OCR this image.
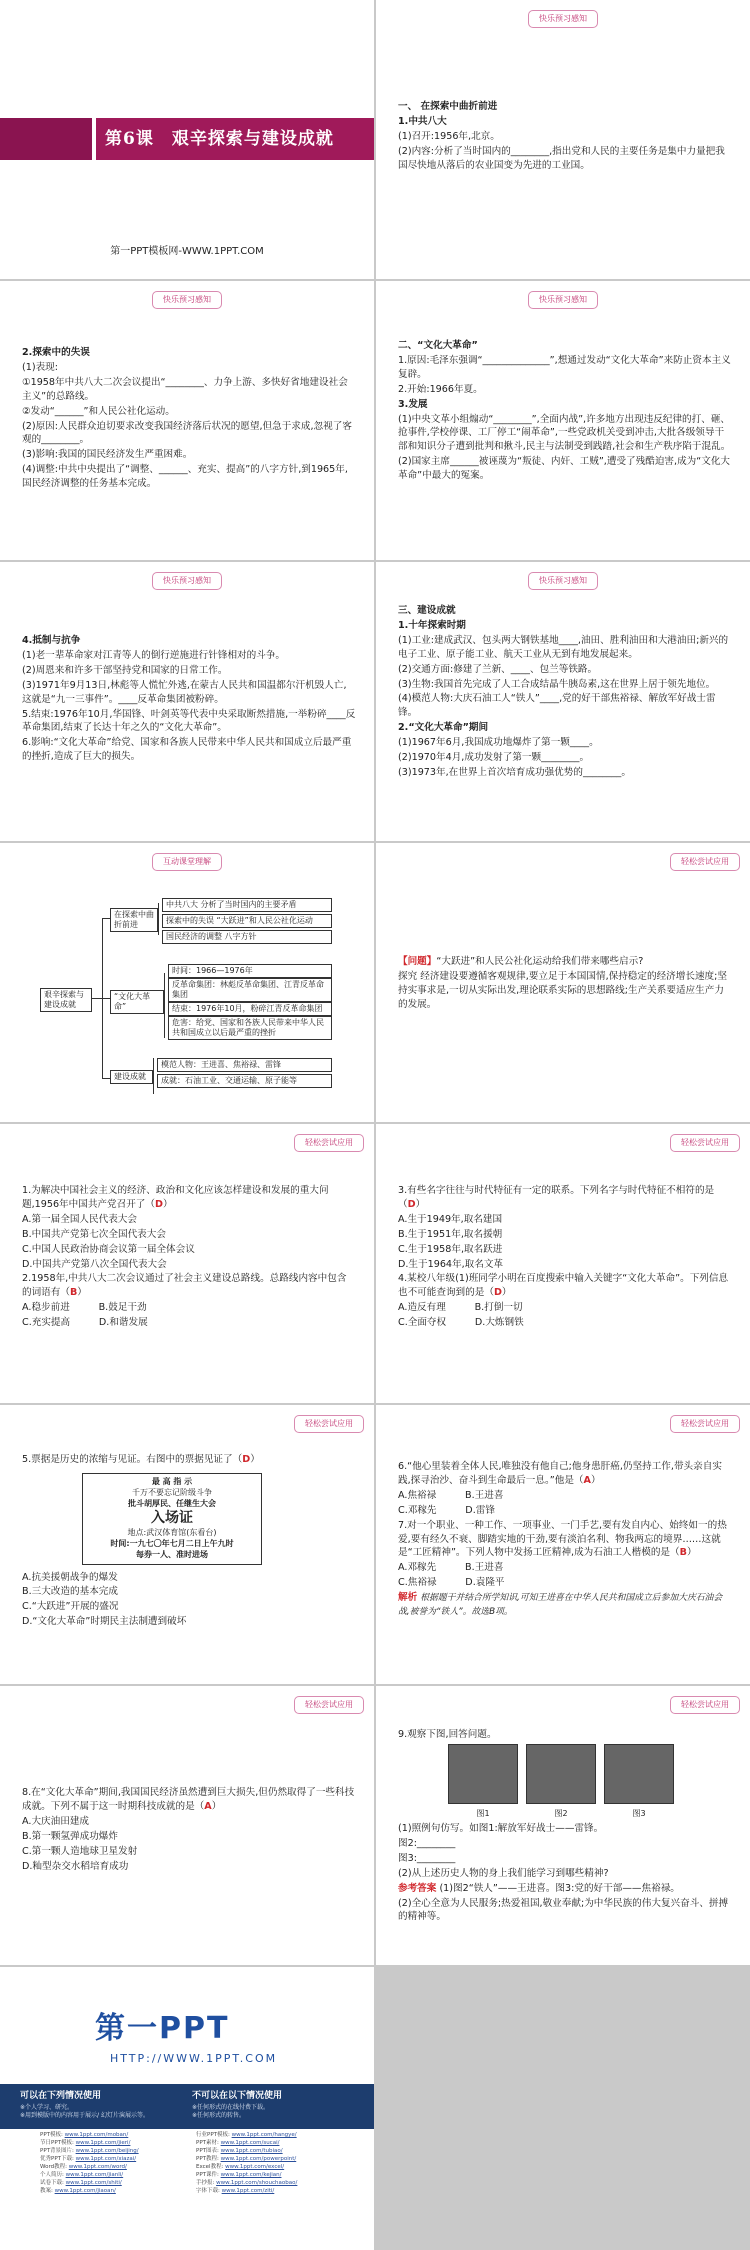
第6课　艰辛探索与建设成就
第一PPT模板网-WWW.1PPT.COM
快乐预习感知

一、 在探索中曲折前进

1.中共八大

(1)召开:1956年,北京。

(2)内容:分析了当时国内的________,指出党和人民的主要任务是集中力量把我国尽快地从落后的农业国变为先进的工业国。

快乐预习感知

2.探索中的失误

(1)表现:

①1958年中共八大二次会议提出“________、力争上游、多快好省地建设社会主义”的总路线。

②发动“______”和人民公社化运动。

(2)原因:人民群众迫切要求改变我国经济落后状况的愿望,但急于求成,忽视了客观的________。

(3)影响:我国的国民经济发生严重困难。

(4)调整:中共中央提出了“调整、______、充实、提高”的八字方针,到1965年,国民经济调整的任务基本完成。

快乐预习感知

二、“文化大革命”

1.原因:毛泽东强调“______________”,想通过发动“文化大革命”来防止资本主义复辟。

2.开始:1966年夏。

3.发展

(1)中央文革小组煽动“________”,全面内战”,许多地方出现违反纪律的打、砸、抢事件,学校停课、工厂停工“闹革命”,一些党政机关受到冲击,大批各级领导干部和知识分子遭到批判和揪斗,民主与法制受到践踏,社会和生产秩序陷于混乱。

(2)国家主席______被诬蔑为“叛徒、内奸、工贼”,遭受了残酷迫害,成为“文化大革命”中最大的冤案。

快乐预习感知

4.抵制与抗争

(1)老一辈革命家对江青等人的倒行逆施进行针锋相对的斗争。

(2)周恩来和许多干部坚持党和国家的日常工作。

(3)1971年9月13日,林彪等人慌忙外逃,在蒙古人民共和国温都尔汗机毁人亡,这就是“九一三事件”。____反革命集团被粉碎。

5.结束:1976年10月,华国锋、叶剑英等代表中央采取断然措施,一举粉碎____反革命集团,结束了长达十年之久的“文化大革命”。

6.影响:“文化大革命”给党、国家和各族人民带来中华人民共和国成立后最严重的挫折,造成了巨大的损失。

快乐预习感知

三、建设成就

1.十年探索时期

(1)工业:建成武汉、包头两大钢铁基地____,油田、胜利油田和大港油田;新兴的电子工业、原子能工业、航天工业从无到有地发展起来。

(2)交通方面:修建了兰新、____、包兰等铁路。

(3)生物:我国首先完成了人工合成结晶牛胰岛素,这在世界上居于领先地位。

(4)模范人物:大庆石油工人“铁人”____,党的好干部焦裕禄、解放军好战士雷锋。

2.“文化大革命”期间

(1)1967年6月,我国成功地爆炸了第一颗____。

(2)1970年4月,成功发射了第一颗________。

(3)1973年,在世界上首次培育成功强优势的________。

互动课堂理解
艰辛探索与建设成就
在探索中曲折前进
中共八大 分析了当时国内的主要矛盾
探索中的失误 “大跃进”和人民公社化运动
国民经济的调整 八字方针
“文化大革命”
时间：1966—1976年
反革命集团：林彪反革命集团、江青反革命集团
结束：1976年10月，粉碎江青反革命集团
危害：给党、国家和各族人民带来中华人民共和国成立以后最严重的挫折
建设成就
模范人物：王进喜、焦裕禄、雷锋
成就：石油工业、交通运输、原子能等
轻松尝试应用

【问题】“大跃进”和人民公社化运动给我们带来哪些启示?

探究 经济建设要遵循客观规律,要立足于本国国情,保持稳定的经济增长速度;坚持实事求是,一切从实际出发,理论联系实际的思想路线;生产关系要适应生产力的发展。

轻松尝试应用

1.为解决中国社会主义的经济、政治和文化应该怎样建设和发展的重大问题,1956年中国共产党召开了（D）

A.第一届全国人民代表大会

B.中国共产党第七次全国代表大会

C.中国人民政治协商会议第一届全体会议

D.中国共产党第八次全国代表大会

2.1958年,中共八大二次会议通过了社会主义建设总路线。总路线内容中包含的词语有（B）

A.稳步前进　　　B.鼓足干劲

C.充实提高　　　D.和谐发展

轻松尝试应用

3.有些名字往往与时代特征有一定的联系。下列名字与时代特征不相符的是（D）

A.生于1949年,取名建国

B.生于1951年,取名援朝

C.生于1958年,取名跃进

D.生于1964年,取名文革

4.某校八年级(1)班同学小明在百度搜索中输入关键字“文化大革命”。下列信息也不可能查询到的是（D）

A.造反有理　　　B.打倒一切

C.全面夺权　　　D.大炼钢铁

轻松尝试应用

5.票据是历史的浓缩与见证。右图中的票据见证了（D）

最 高 指 示
千万不要忘记阶级斗争
批斗胡厚民、任继生大会
入场证
地点:武汉体育馆(东看台)
时间:一九七〇年七月二日上午九时
每券一人、准时进场

A.抗美援朝战争的爆发

B.三大改造的基本完成

C.“大跃进”开展的盛况

D.“文化大革命”时期民主法制遭到破坏

轻松尝试应用

6.“他心里装着全体人民,唯独没有他自己;他身患肝癌,仍坚持工作,带头亲自实践,探寻治沙、奋斗到生命最后一息。”他是（A）

A.焦裕禄　　　B.王进喜

C.邓稼先　　　D.雷锋

7.对一个职业、一种工作、一项事业、一门手艺,要有发自内心、始终如一的热爱,要有经久不衰、脚踏实地的干劲,要有淡泊名利、物我两忘的境界……这就是“工匠精神”。下列人物中发扬工匠精神,成为石油工人楷模的是（B）

A.邓稼先　　　B.王进喜

C.焦裕禄　　　D.袁隆平

解析 根据题干并结合所学知识,可知王进喜在中华人民共和国成立后参加大庆石油会战,被誉为“铁人”。故选B项。

轻松尝试应用

8.在“文化大革命”期间,我国国民经济虽然遭到巨大损失,但仍然取得了一些科技成就。下列不属于这一时期科技成就的是（A）

A.大庆油田建成

B.第一颗氢弹成功爆炸

C.第一颗人造地球卫星发射

D.籼型杂交水稻培育成功

轻松尝试应用

9.观察下图,回答问题。

图1	图2	图3

(1)照例句仿写。如图1:解放军好战士——雷锋。

图2:________

图3:________

(2)从上述历史人物的身上我们能学习到哪些精神?

参考答案 (1)图2“铁人”——王进喜。图3:党的好干部——焦裕禄。

(2)全心全意为人民服务;热爱祖国,敬业奉献;为中华民族的伟大复兴奋斗、拼搏的精神等。

第一PPT
HTTP://WWW.1PPT.COM
可以在下列情况使用
※个人学习、研究。
※用到模版中的内容用于展示/ 幻灯片演展示等。
不可以在以下情况使用
※任何形式的在线付费下载。
※任何形式的转售。
PPT模板: www.1ppt.com/moban/
节日PPT模板: www.1ppt.com/jieri/
PPT背景图片: www.1ppt.com/beijing/
优秀PPT下载: www.1ppt.com/xiazai/
Word教程: www.1ppt.com/word/
个人简历: www.1ppt.com/jianli/
试卷下载: www.1ppt.com/shiti/
教案: www.1ppt.com/jiaoan/
行业PPT模板: www.1ppt.com/hangye/
PPT素材: www.1ppt.com/sucai/
PPT图表: www.1ppt.com/tubiao/
PPT教程: www.1ppt.com/powerpoint/
Excel教程: www.1ppt.com/excel/
PPT课件: www.1ppt.com/kejian/
手抄报: www.1ppt.com/shouchaobao/
字体下载: www.1ppt.com/ziti/
